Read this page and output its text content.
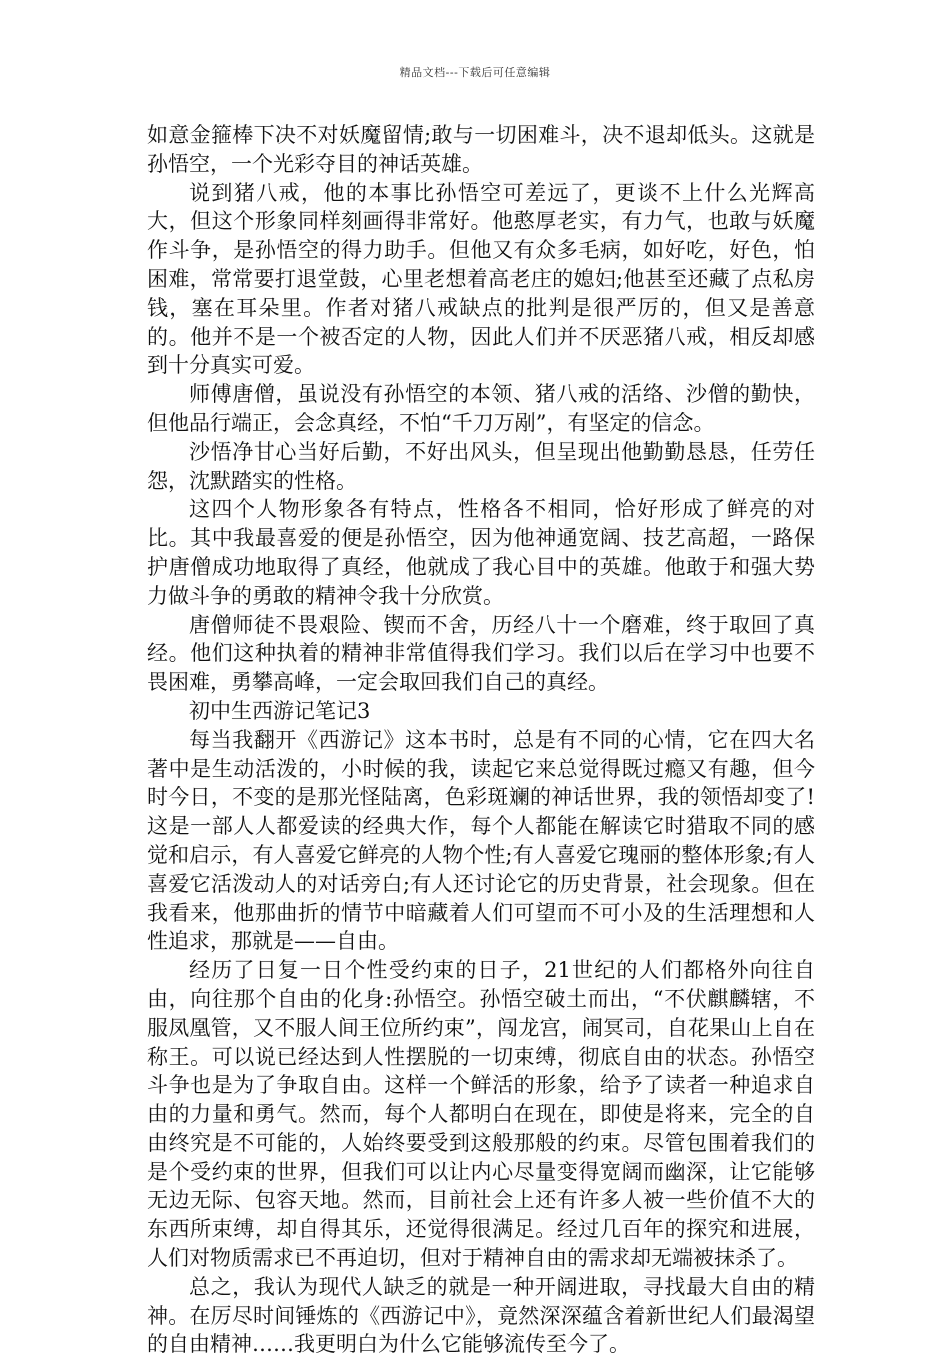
精品文档---下载后可任意编辑

如意金箍棒下决不对妖魔留情;敢与一切困难斗，决不退却低头。这就是孙悟空，一个光彩夺目的神话英雄。

说到猪八戒，他的本事比孙悟空可差远了，更谈不上什么光辉高大，但这个形象同样刻画得非常好。他憨厚老实，有力气，也敢与妖魔作斗争，是孙悟空的得力助手。但他又有众多毛病，如好吃，好色，怕困难，常常要打退堂鼓，心里老想着高老庄的媳妇;他甚至还藏了点私房钱，塞在耳朵里。作者对猪八戒缺点的批判是很严厉的，但又是善意的。他并不是一个被否定的人物，因此人们并不厌恶猪八戒，相反却感到十分真实可爱。

师傅唐僧，虽说没有孙悟空的本领、猪八戒的活络、沙僧的勤快，但他品行端正，会念真经，不怕“千刀万剐”，有坚定的信念。

沙悟净甘心当好后勤，不好出风头，但呈现出他勤勤恳恳，任劳任怨，沈默踏实的性格。

这四个人物形象各有特点，性格各不相同，恰好形成了鲜亮的对比。其中我最喜爱的便是孙悟空，因为他神通宽阔、技艺高超，一路保护唐僧成功地取得了真经，他就成了我心目中的英雄。他敢于和强大势力做斗争的勇敢的精神令我十分欣赏。

唐僧师徒不畏艰险、锲而不舍，历经八十一个磨难，终于取回了真经。他们这种执着的精神非常值得我们学习。我们以后在学习中也要不畏困难，勇攀高峰，一定会取回我们自己的真经。

初中生西游记笔记3

每当我翻开《西游记》这本书时，总是有不同的心情，它在四大名著中是生动活泼的，小时候的我，读起它来总觉得既过瘾又有趣，但今时今日，不变的是那光怪陆离，色彩斑斓的神话世界，我的领悟却变了!这是一部人人都爱读的经典大作，每个人都能在解读它时猎取不同的感觉和启示，有人喜爱它鲜亮的人物个性;有人喜爱它瑰丽的整体形象;有人喜爱它活泼动人的对话旁白;有人还讨论它的历史背景，社会现象。但在我看来，他那曲折的情节中暗藏着人们可望而不可小及的生活理想和人性追求，那就是——自由。

经历了日复一日个性受约束的日子，21世纪的人们都格外向往自由，向往那个自由的化身:孙悟空。孙悟空破土而出，“不伏麒麟辖，不服凤凰管，又不服人间王位所约束”，闯龙宫，闹冥司，自花果山上自在称王。可以说已经达到人性摆脱的一切束缚，彻底自由的状态。孙悟空斗争也是为了争取自由。这样一个鲜活的形象，给予了读者一种追求自由的力量和勇气。然而，每个人都明白在现在，即使是将来，完全的自由终究是不可能的，人始终要受到这般那般的约束。尽管包围着我们的是个受约束的世界，但我们可以让内心尽量变得宽阔而幽深，让它能够无边无际、包容天地。然而，目前社会上还有许多人被一些价值不大的东西所束缚，却自得其乐，还觉得很满足。经过几百年的探究和进展，人们对物质需求已不再迫切，但对于精神自由的需求却无端被抹杀了。

总之，我认为现代人缺乏的就是一种开阔进取，寻找最大自由的精神。在厉尽时间锤炼的《西游记中》，竟然深深蕴含着新世纪人们最渴望的自由精神……我更明白为什么它能够流传至今了。
